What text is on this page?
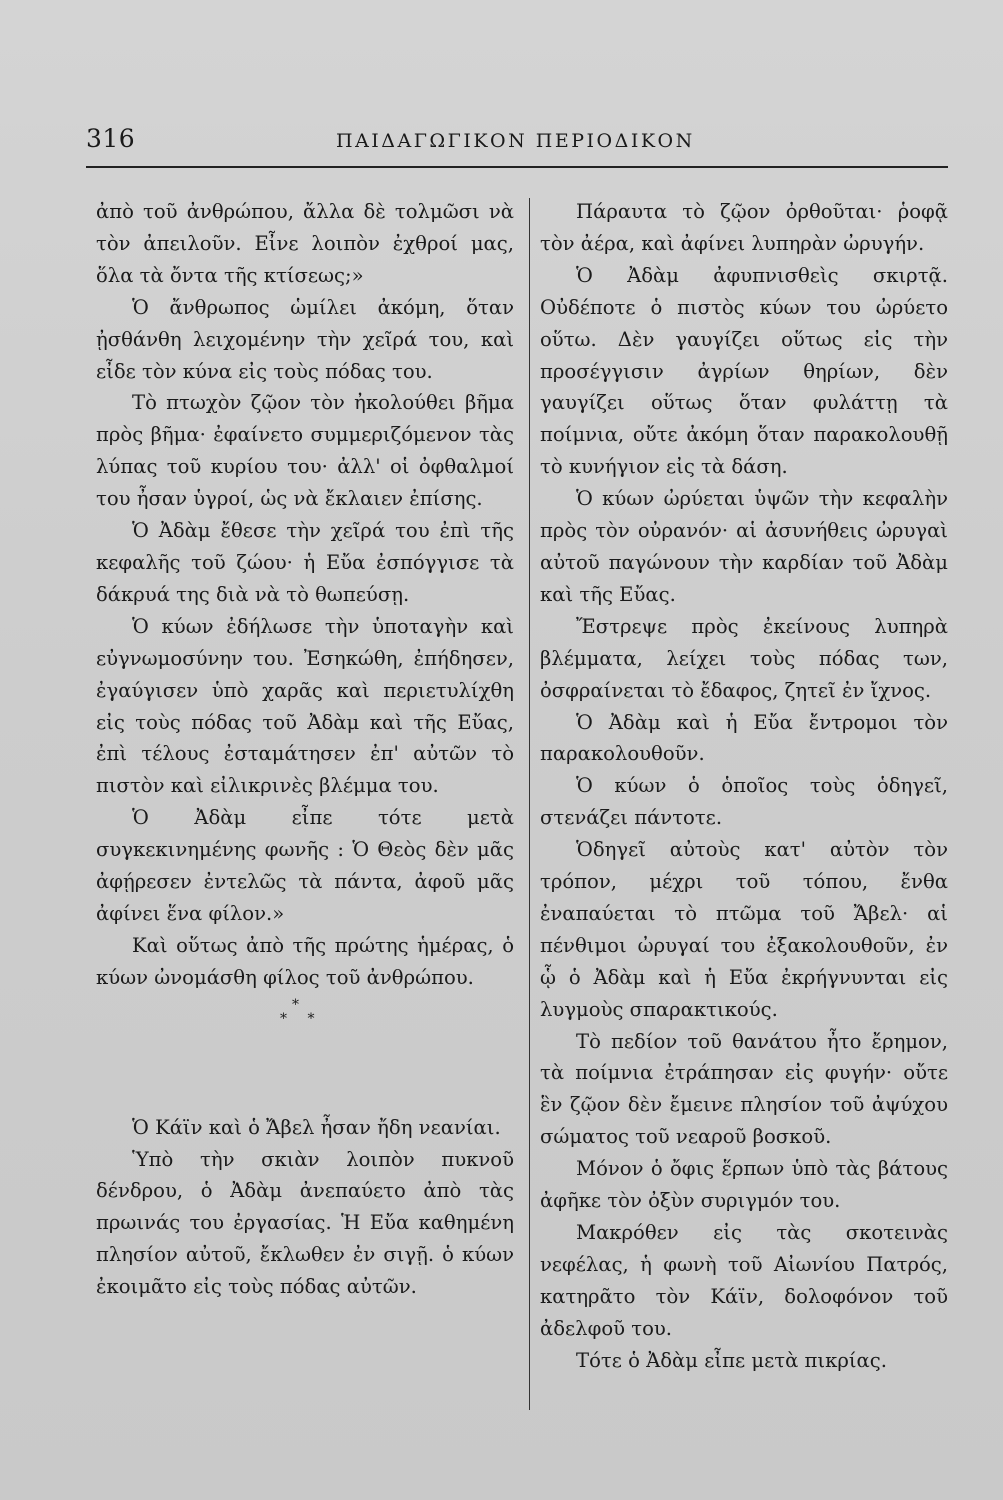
316	ΠΑΙΔΑΓΩΓΙΚΟΝ ΠΕΡΙΟΔΙΚΟΝ

ἀπὸ τοῦ ἀνθρώπου, ἄλλα δὲ τολμῶσι νὰ τὸν ἀπειλοῦν. Εἶνε λοιπὸν ἐχθροί μας, ὅλα τὰ ὄντα τῆς κτίσεως;»

Ὁ ἄνθρωπος ὡμίλει ἀκόμη, ὅταν ᾐσθάνθη λειχομένην τὴν χεῖρά του, καὶ εἶδε τὸν κύνα εἰς τοὺς πόδας του.

Τὸ πτωχὸν ζῷον τὸν ἠκολούθει βῆμα πρὸς βῆμα· ἐφαίνετο συμμεριζόμενον τὰς λύπας τοῦ κυρίου του· ἀλλ' οἱ ὀφθαλμοί του ἦσαν ὑγροί, ὡς νὰ ἔκλαιεν ἐπίσης.

Ὁ Ἀδὰμ ἔθεσε τὴν χεῖρά του ἐπὶ τῆς κεφαλῆς τοῦ ζώου· ἡ Εὔα ἐσπόγγισε τὰ δάκρυά της διὰ νὰ τὸ θωπεύσῃ.

Ὁ κύων ἐδήλωσε τὴν ὑποταγὴν καὶ εὐγνωμοσύνην του. Ἐσηκώθη, ἐπήδησεν, ἐγαύγισεν ὑπὸ χαρᾶς καὶ περιετυλίχθη εἰς τοὺς πόδας τοῦ Ἀδὰμ καὶ τῆς Εὔας, ἐπὶ τέλους ἐσταμάτησεν ἐπ' αὐτῶν τὸ πιστὸν καὶ εἰλικρινὲς βλέμμα του.

Ὁ Ἀδὰμ εἶπε τότε μετὰ συγκεκινημένης φωνῆς : Ὁ Θεὸς δὲν μᾶς ἀφῄρεσεν ἐντελῶς τὰ πάντα, ἀφοῦ μᾶς ἀφίνει ἕνα φίλον.»

Καὶ οὕτως ἀπὸ τῆς πρώτης ἡμέρας, ὁ κύων ὠνομάσθη φίλος τοῦ ἀνθρώπου.

*
* *

Ὁ Κάϊν καὶ ὁ Ἄβελ ἦσαν ἤδη νεανίαι.

Ὑπὸ τὴν σκιὰν λοιπὸν πυκνοῦ δένδρου, ὁ Ἀδὰμ ἀνεπαύετο ἀπὸ τὰς πρωινάς του ἐργασίας. Ἡ Εὔα καθημένη πλησίον αὐτοῦ, ἔκλωθεν ἐν σιγῇ. ὁ κύων ἐκοιμᾶτο εἰς τοὺς πόδας αὐτῶν.

Πάραυτα τὸ ζῷον ὀρθοῦται· ῥοφᾷ τὸν ἀέρα, καὶ ἀφίνει λυπηρὰν ὠρυγήν.

Ὁ Ἀδὰμ ἀφυπνισθεὶς σκιρτᾷ. Οὐδέποτε ὁ πιστὸς κύων του ὠρύετο οὕτω. Δὲν γαυγίζει οὕτως εἰς τὴν προσέγγισιν ἀγρίων θηρίων, δὲν γαυγίζει οὕτως ὅταν φυλάττῃ τὰ ποίμνια, οὔτε ἀκόμη ὅταν παρακολουθῇ τὸ κυνήγιον εἰς τὰ δάση.

Ὁ κύων ὠρύεται ὑψῶν τὴν κεφαλὴν πρὸς τὸν οὐρανόν· αἱ ἀσυνήθεις ὠρυγαὶ αὐτοῦ παγώνουν τὴν καρδίαν τοῦ Ἀδὰμ καὶ τῆς Εὔας.

Ἔστρεψε πρὸς ἐκείνους λυπηρὰ βλέμματα, λείχει τοὺς πόδας των, ὀσφραίνεται τὸ ἔδαφος, ζητεῖ ἐν ἴχνος.

Ὁ Ἀδὰμ καὶ ἡ Εὔα ἔντρομοι τὸν παρακολουθοῦν.

Ὁ κύων ὁ ὁποῖος τοὺς ὁδηγεῖ, στενάζει πάντοτε.

Ὁδηγεῖ αὐτοὺς κατ' αὐτὸν τὸν τρόπον, μέχρι τοῦ τόπου, ἔνθα ἐναπαύεται τὸ πτῶμα τοῦ Ἄβελ· αἱ πένθιμοι ὠρυγαί του ἐξακολουθοῦν, ἐν ᾧ ὁ Ἀδὰμ καὶ ἡ Εὔα ἐκρήγνυνται εἰς λυγμοὺς σπαρακτικούς.

Τὸ πεδίον τοῦ θανάτου ἦτο ἔρημον, τὰ ποίμνια ἐτράπησαν εἰς φυγήν· οὔτε ἓν ζῷον δὲν ἔμεινε πλησίον τοῦ ἀψύχου σώματος τοῦ νεαροῦ βοσκοῦ.

Μόνον ὁ ὄφις ἕρπων ὑπὸ τὰς βάτους ἀφῆκε τὸν ὀξὺν συριγμόν του.

Μακρόθεν εἰς τὰς σκοτεινὰς νεφέλας, ἡ φωνὴ τοῦ Αἰωνίου Πατρός, κατηρᾶτο τὸν Κάϊν, δολοφόνον τοῦ ἀδελφοῦ του.

Τότε ὁ Ἀδὰμ εἶπε μετὰ πικρίας.
